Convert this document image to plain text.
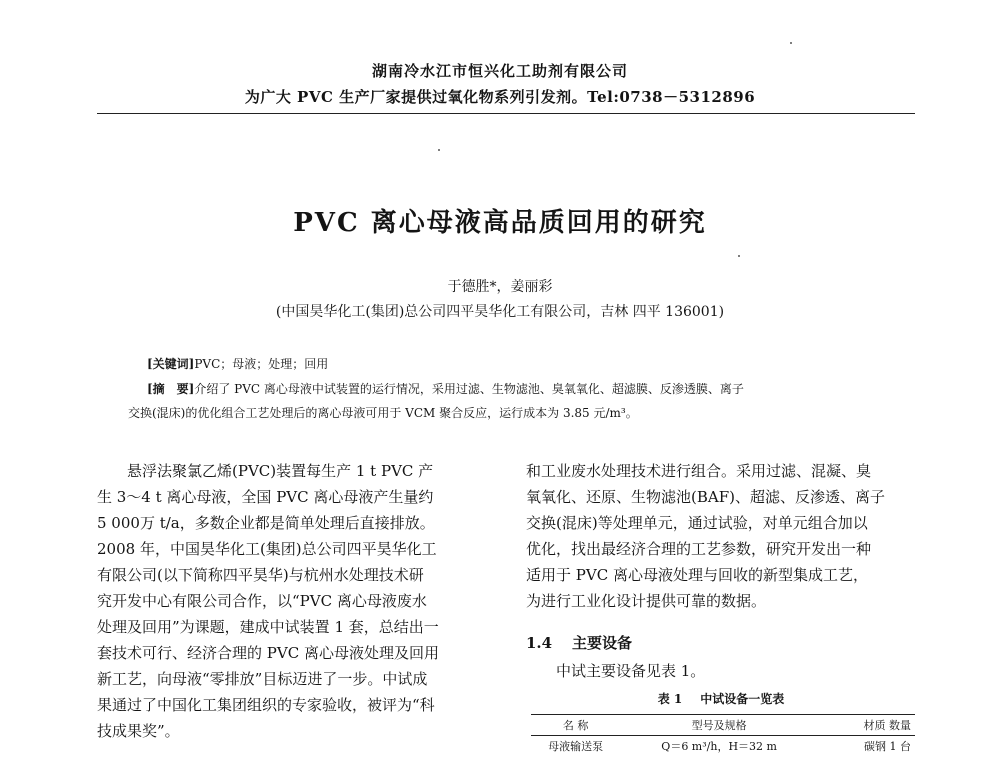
湖南冷水江市恒兴化工助剂有限公司
为广大 PVC 生产厂家提供过氧化物系列引发剂。Tel:0738－5312896
PVC 离心母液高品质回用的研究
于德胜*，姜丽彩
(中国昊华化工(集团)总公司四平昊华化工有限公司，吉林 四平 136001)
[关键词]PVC；母液；处理；回用
[摘　要]介绍了 PVC 离心母液中试装置的运行情况，采用过滤、生物滤池、臭氧氧化、超滤膜、反渗透膜、离子
交换(混床)的优化组合工艺处理后的离心母液可用于 VCM 聚合反应，运行成本为 3.85 元/m³。
悬浮法聚氯乙烯(PVC)装置每生产 1 t PVC 产
生 3～4 t 离心母液，全国 PVC 离心母液产生量约
5 000万 t/a，多数企业都是简单处理后直接排放。
2008 年，中国昊华化工(集团)总公司四平昊华化工
有限公司(以下简称四平昊华)与杭州水处理技术研
究开发中心有限公司合作，以“PVC 离心母液废水
处理及回用”为课题，建成中试装置 1 套，总结出一
套技术可行、经济合理的 PVC 离心母液处理及回用
新工艺，向母液“零排放”目标迈进了一步。中试成
果通过了中国化工集团组织的专家验收，被评为“科
技成果奖”。
和工业废水处理技术进行组合。采用过滤、混凝、臭
氧氧化、还原、生物滤池(BAF)、超滤、反渗透、离子
交换(混床)等处理单元，通过试验，对单元组合加以
优化，找出最经济合理的工艺参数，研究开发出一种
适用于 PVC 离心母液处理与回收的新型集成工艺，
为进行工业化设计提供可靠的数据。
1.4 主要设备
中试主要设备见表 1。
表 1 中试设备一览表
名 称	型号及规格	材质 数量
母液输送泵	Q＝6 m³/h，H＝32 m	碳钢 1 台
